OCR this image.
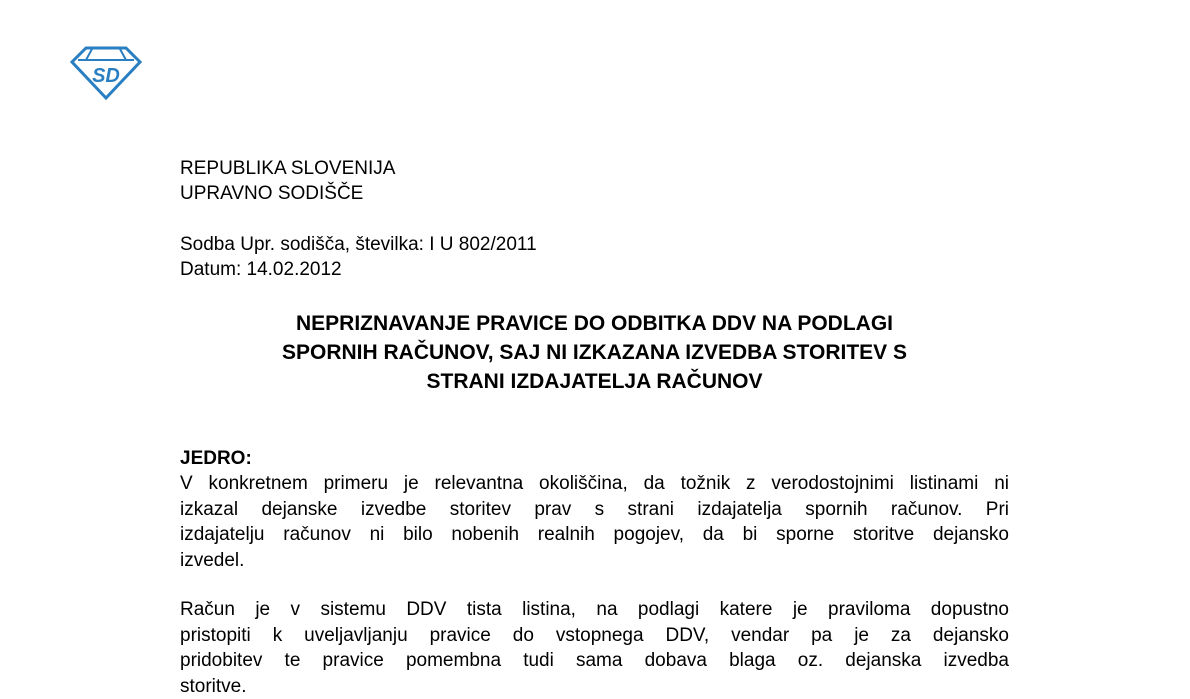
SD
REPUBLIKA SLOVENIJA
UPRAVNO SODIŠČE
Sodba Upr. sodišča, številka: I U 802/2011
Datum: 14.02.2012
NEPRIZNAVANJE PRAVICE DO ODBITKA DDV NA PODLAGI
SPORNIH RAČUNOV, SAJ NI IZKAZANA IZVEDBA STORITEV S
STRANI IZDAJATELJA RAČUNOV
JEDRO:
V konkretnem primeru je relevantna okoliščina, da tožnik z verodostojnimi listinami ni
izkazal dejanske izvedbe storitev prav s strani izdajatelja spornih računov. Pri
izdajatelju računov ni bilo nobenih realnih pogojev, da bi sporne storitve dejansko
izvedel.
Račun je v sistemu DDV tista listina, na podlagi katere je praviloma dopustno
pristopiti k uveljavljanju pravice do vstopnega DDV, vendar pa je za dejansko
pridobitev te pravice pomembna tudi sama dobava blaga oz. dejanska izvedba
storitve.
